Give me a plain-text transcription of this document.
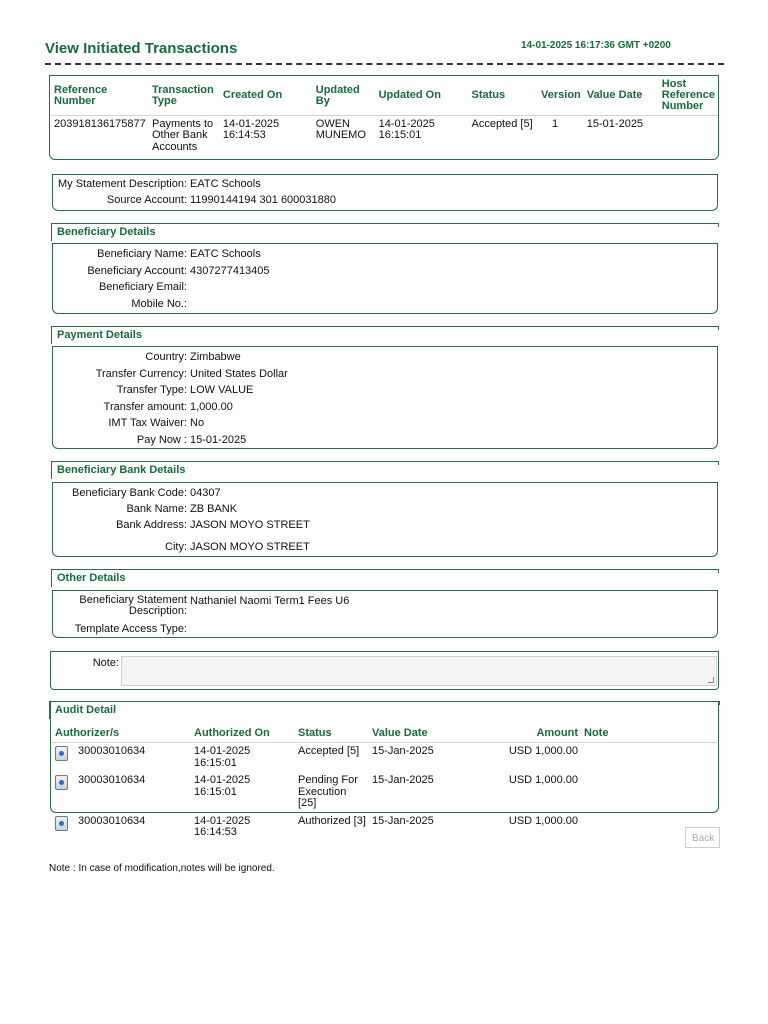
View Initiated Transactions	14-01-2025 16:17:36 GMT +0200
Reference Number	Transaction Type	Created On	Updated By	Updated On	Status	Version	Value Date	Host Reference Number
203918136175877	Payments to Other Bank Accounts	14-01-2025 16:14:53	OWEN MUNEMO	14-01-2025 16:15:01	Accepted [5]	1	15-01-2025	
My Statement Description: EATC Schools
Source Account: 11990144194 301 600031880
Beneficiary Details
Beneficiary Name: EATC Schools
Beneficiary Account: 4307277413405
Beneficiary Email:
Mobile No.:
Payment Details
Country: Zimbabwe
Transfer Currency: United States Dollar
Transfer Type: LOW VALUE
Transfer amount: 1,000.00
IMT Tax Waiver: No
Pay Now : 15-01-2025
Beneficiary Bank Details
Beneficiary Bank Code: 04307
Bank Name: ZB BANK
Bank Address: JASON MOYO STREET
City: JASON MOYO STREET
Other Details
Beneficiary Statement
Description:
Nathaniel Naomi Term1 Fees U6
Template Access Type:
Note:
Audit Detail
Authorizer/s	Authorized On	Status	Value Date	Amount	Note
30003010634	14-01-2025 16:15:01	Accepted [5]	15-Jan-2025	USD 1,000.00	
30003010634	14-01-2025 16:15:01	Pending For Execution [25]	15-Jan-2025	USD 1,000.00	
30003010634	14-01-2025 16:14:53	Authorized [3]	15-Jan-2025	USD 1,000.00	
Back
Note : In case of modification,notes will be ignored.
